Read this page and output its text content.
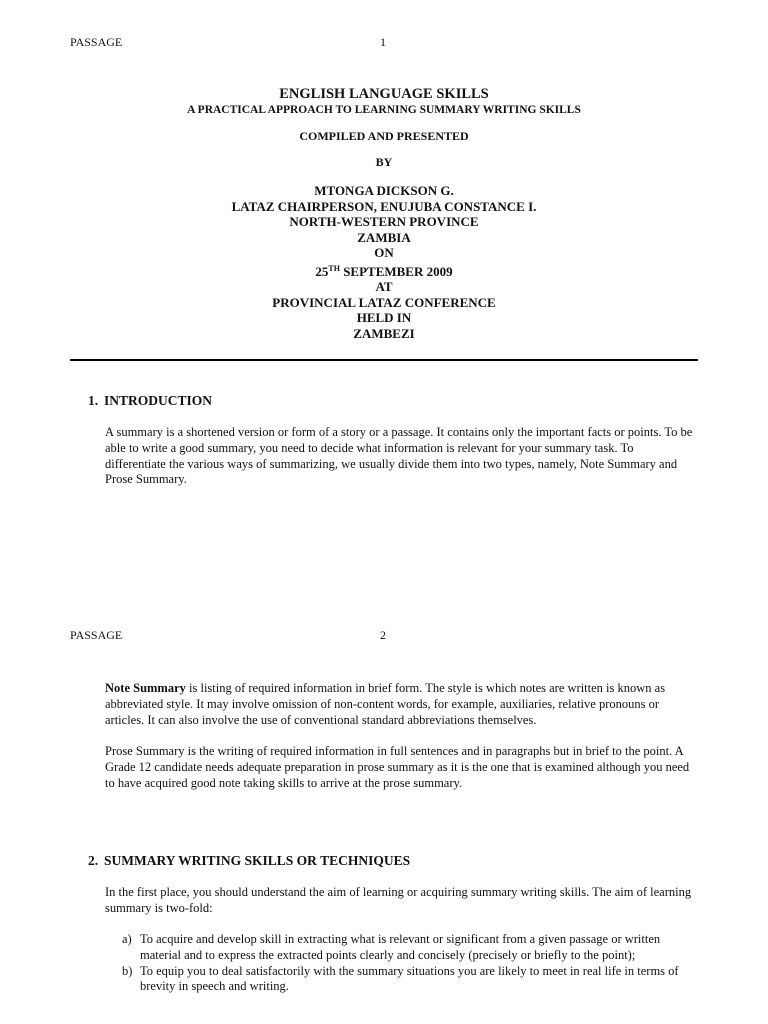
PASSAGE	1
ENGLISH LANGUAGE SKILLS
A PRACTICAL APPROACH TO LEARNING SUMMARY WRITING SKILLS
COMPILED AND PRESENTED
BY
MTONGA DICKSON G.
LATAZ CHAIRPERSON, ENUJUBA CONSTANCE I.
NORTH-WESTERN PROVINCE
ZAMBIA
ON
25TH SEPTEMBER 2009
AT
PROVINCIAL LATAZ CONFERENCE
HELD IN
ZAMBEZI
1. INTRODUCTION
A summary is a shortened version or form of a story or a passage. It contains only the important facts or points. To be able to write a good summary, you need to decide what information is relevant for your summary task. To differentiate the various ways of summarizing, we usually divide them into two types, namely, Note Summary and Prose Summary.
PASSAGE	2
Note Summary is listing of required information in brief form. The style is which notes are written is known as abbreviated style. It may involve omission of non-content words, for example, auxiliaries, relative pronouns or articles. It can also involve the use of conventional standard abbreviations themselves.
Prose Summary is the writing of required information in full sentences and in paragraphs but in brief to the point. A Grade 12 candidate needs adequate preparation in prose summary as it is the one that is examined although you need to have acquired good note taking skills to arrive at the prose summary.
2. SUMMARY WRITING SKILLS OR TECHNIQUES
In the first place, you should understand the aim of learning or acquiring summary writing skills. The aim of learning summary is two-fold:
a) To acquire and develop skill in extracting what is relevant or significant from a given passage or written material and to express the extracted points clearly and concisely (precisely or briefly to the point);
b) To equip you to deal satisfactorily with the summary situations you are likely to meet in real life in terms of brevity in speech and writing.
